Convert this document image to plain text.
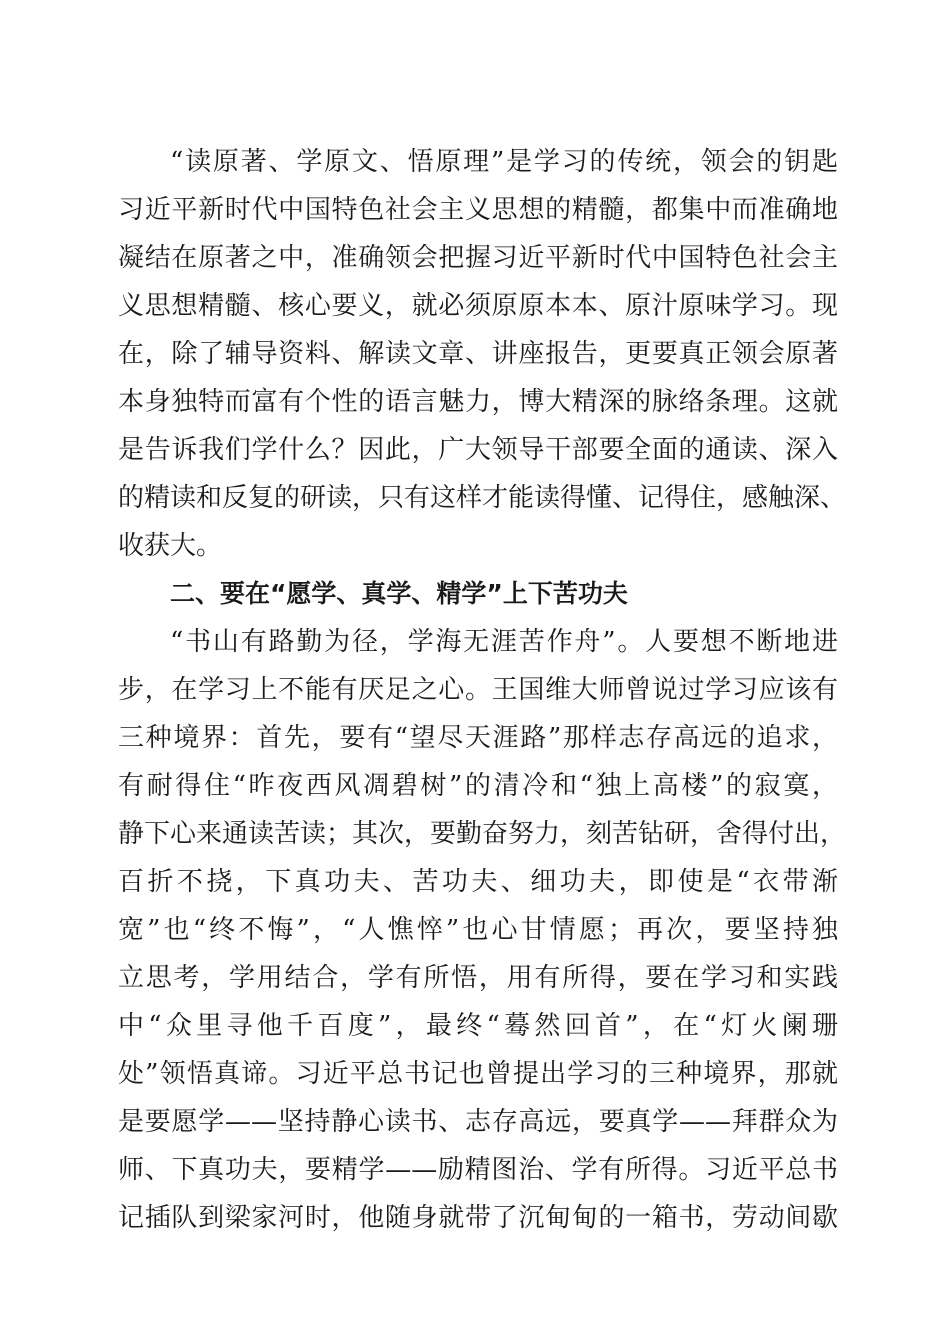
“读原著、学原文、悟原理”是学习的传统，领会的钥匙
习近平新时代中国特色社会主义思想的精髓，都集中而准确地
凝结在原著之中，准确领会把握习近平新时代中国特色社会主
义思想精髓、核心要义，就必须原原本本、原汁原味学习。现
在，除了辅导资料、解读文章、讲座报告，更要真正领会原著
本身独特而富有个性的语言魅力，博大精深的脉络条理。这就
是告诉我们学什么？因此，广大领导干部要全面的通读、深入
的精读和反复的研读，只有这样才能读得懂、记得住，感触深、
收获大。
二、要在“愿学、真学、精学”上下苦功夫
“书山有路勤为径，学海无涯苦作舟”。人要想不断地进
步，在学习上不能有厌足之心。王国维大师曾说过学习应该有
三种境界：首先，要有“望尽天涯路”那样志存高远的追求，
有耐得住“昨夜西风凋碧树”的清冷和“独上高楼”的寂寞，
静下心来通读苦读；其次，要勤奋努力，刻苦钻研，舍得付出，
百折不挠，下真功夫、苦功夫、细功夫，即使是“衣带渐
宽”也“终不悔”，“人憔悴”也心甘情愿；再次，要坚持独
立思考，学用结合，学有所悟，用有所得，要在学习和实践
中“众里寻他千百度”，最终“蓦然回首”，在“灯火阑珊
处”领悟真谛。习近平总书记也曾提出学习的三种境界，那就
是要愿学——坚持静心读书、志存高远，要真学——拜群众为
师、下真功夫，要精学——励精图治、学有所得。习近平总书
记插队到梁家河时，他随身就带了沉甸甸的一箱书，劳动间歇
